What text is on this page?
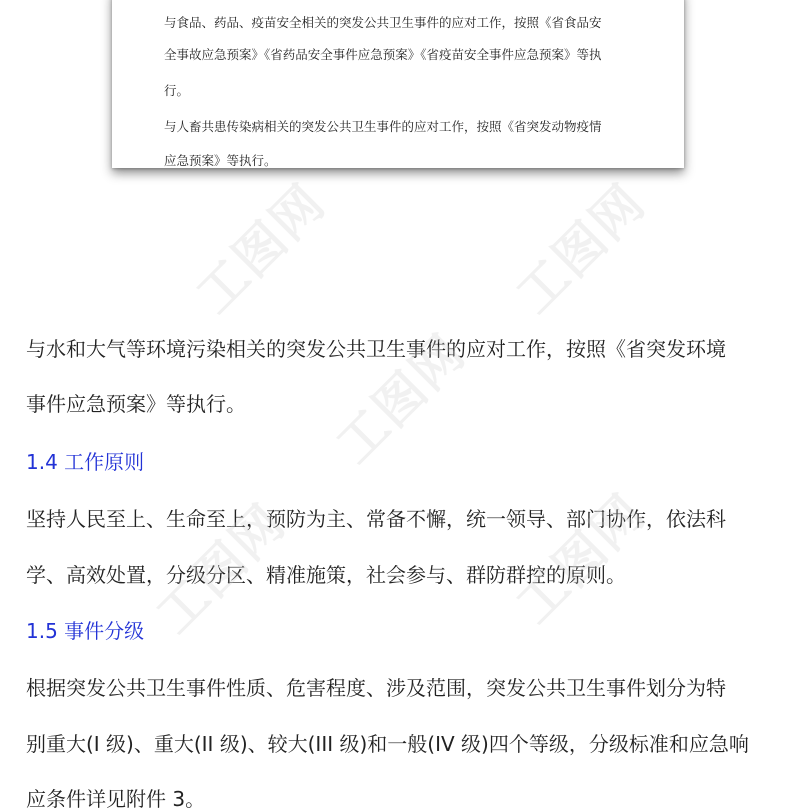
与食品、药品、疫苗安全相关的突发公共卫生事件的应对工作，按照《省食品安
全事故应急预案》《省药品安全事件应急预案》《省疫苗安全事件应急预案》等执
行。
与人畜共患传染病相关的突发公共卫生事件的应对工作，按照《省突发动物疫情
应急预案》等执行。
与水和大气等环境污染相关的突发公共卫生事件的应对工作，按照《省突发环境
事件应急预案》等执行。
1.4 工作原则
坚持人民至上、生命至上，预防为主、常备不懈，统一领导、部门协作，依法科
学、高效处置，分级分区、精准施策，社会参与、群防群控的原则。
1.5 事件分级
根据突发公共卫生事件性质、危害程度、涉及范围，突发公共卫生事件划分为特
别重大(I 级)、重大(II 级)、较大(III 级)和一般(IV 级)四个等级，分级标准和应急响
应条件详见附件 3。
工图网	工图网
工图网
工图网	工图网
